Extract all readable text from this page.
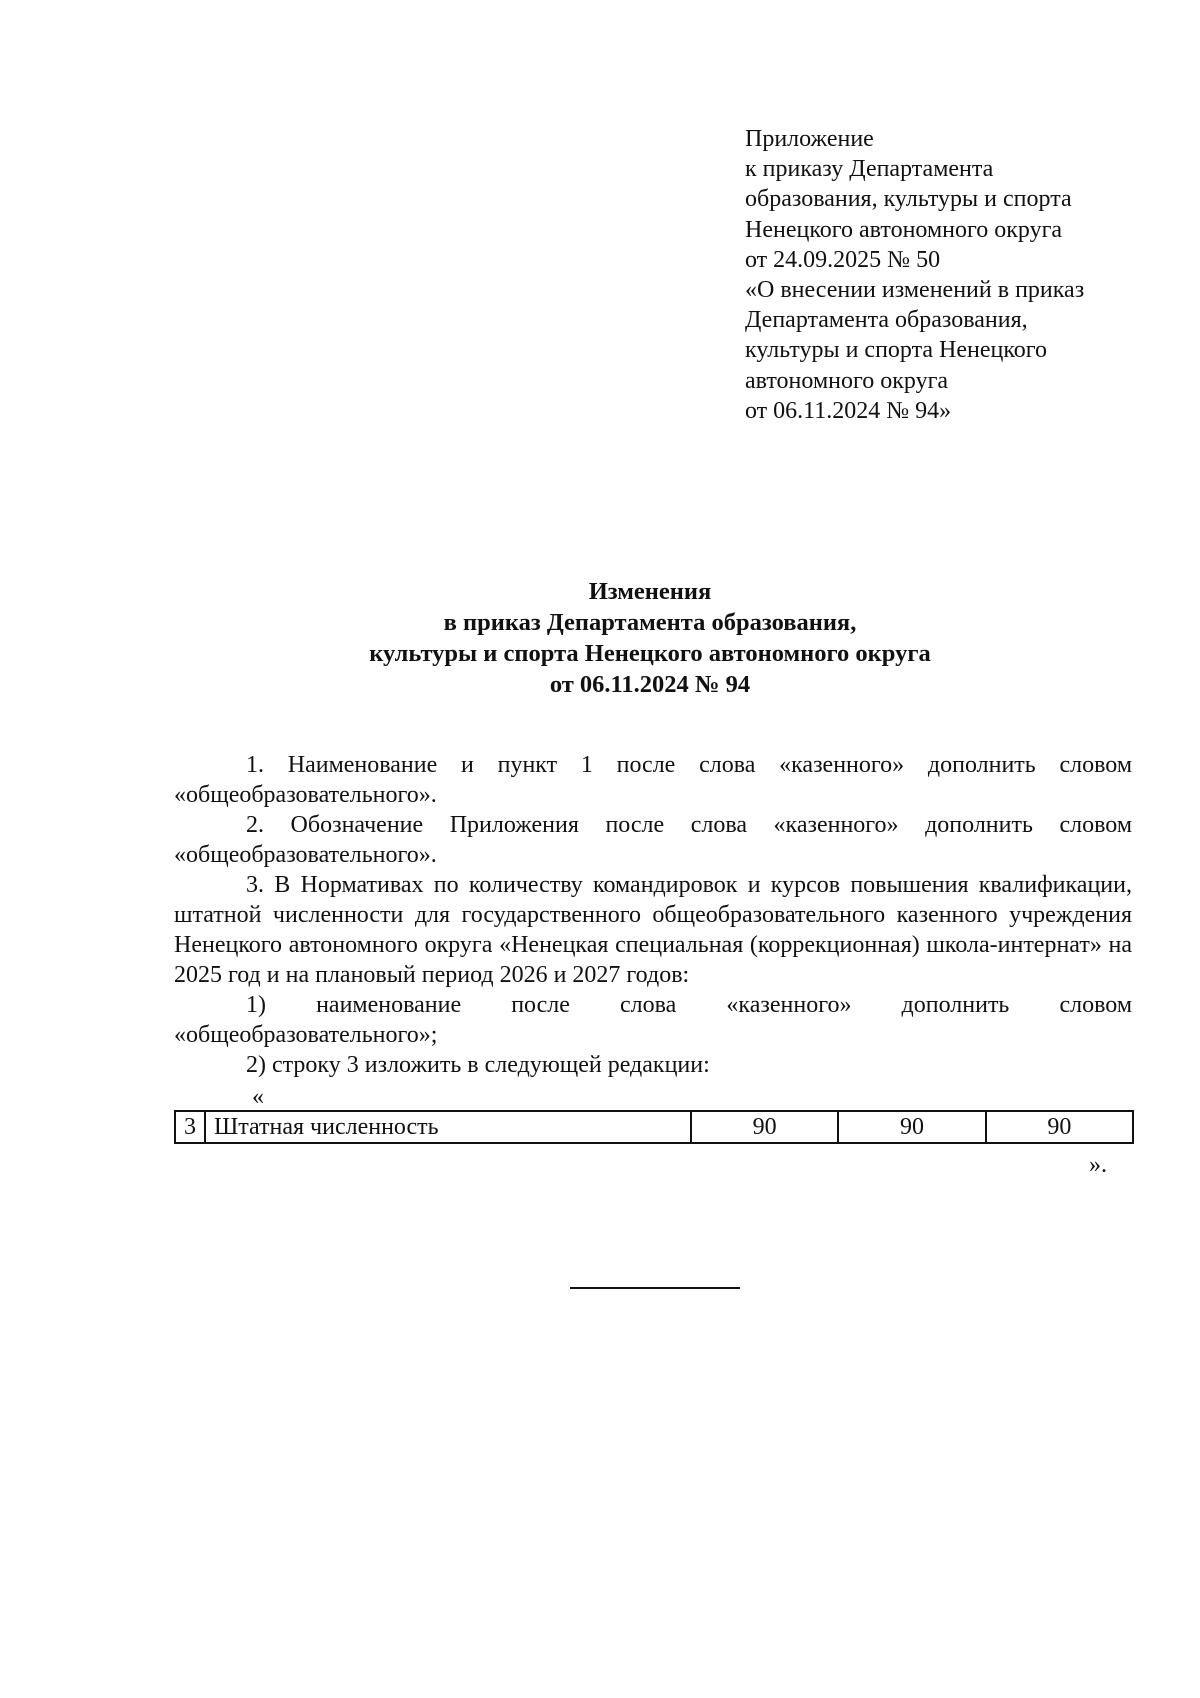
Приложение
к приказу Департамента
образования, культуры и спорта
Ненецкого автономного округа
от 24.09.2025 № 50
«О внесении изменений в приказ
Департамента образования,
культуры и спорта Ненецкого
автономного округа
от 06.11.2024 № 94»
Изменения
в приказ Департамента образования,
культуры и спорта Ненецкого автономного округа
от 06.11.2024 № 94

1. Наименование и пункт 1 после слова «казенного» дополнить словом «общеобразовательного».

2. Обозначение Приложения после слова «казенного» дополнить словом «общеобразовательного».

3. В Нормативах по количеству командировок и курсов повышения квалификации, штатной численности для государственного общеобразовательного казенного учреждения Ненецкого автономного округа «Ненецкая специальная (коррекционная) школа-интернат» на 2025 год и на плановый период 2026 и 2027 годов:

1) наименование после слова «казенного» дополнить словом

«общеобразовательного»;

2) строку 3 изложить в следующей редакции:

«
3	Штатная численность	90	90	90
».
